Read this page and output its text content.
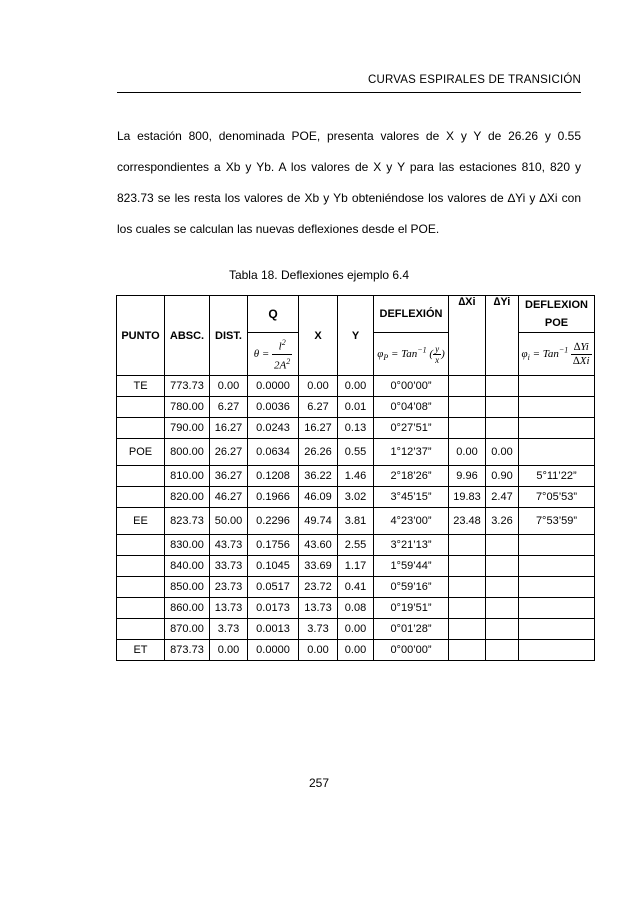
CURVAS ESPIRALES DE TRANSICIÓN
La estación 800, denominada POE, presenta valores de X y Y de 26.26 y 0.55
correspondientes a Xb y Yb. A los valores de X y Y para las estaciones 810, 820 y
823.73 se les resta los valores de Xb y Yb obteniéndose los valores de ∆Yi y ∆Xi con
los cuales se calculan las nuevas deflexiones desde el POE.
Tabla 18. Deflexiones ejemplo 6.4
PUNTO	ABSC.	DIST.	Q	X	Y	DEFLEXIÓN	∆Xi	∆Yi	DEFLEXION POE
			$\theta = \frac{l^2}{2A^2}$			$\varphi_P = Tan^{-1}$ ( $\frac{y}{x}$ )			$\varphi_i = Tan^{-1} \frac{\Delta Yi}{\Delta Xi}$

TE	773.73	0.00	0.0000	0.00	0.00	0°00’00”			
	780.00	6.27	0.0036	6.27	0.01	0°04’08”			
	790.00	16.27	0.0243	16.27	0.13	0°27’51”			
POE	800.00	26.27	0.0634	26.26	0.55	1°12’37”	0.00	0.00	
	810.00	36.27	0.1208	36.22	1.46	2°18’26”	9.96	0.90	5°11’22”
	820.00	46.27	0.1966	46.09	3.02	3°45’15”	19.83	2.47	7°05’53”
EE	823.73	50.00	0.2296	49.74	3.81	4°23’00”	23.48	3.26	7°53’59”
	830.00	43.73	0.1756	43.60	2.55	3°21’13”			
	840.00	33.73	0.1045	33.69	1.17	1°59’44”			
	850.00	23.73	0.0517	23.72	0.41	0°59’16”			
	860.00	13.73	0.0173	13.73	0.08	0°19’51”			
	870.00	3.73	0.0013	3.73	0.00	0°01’28”			
ET	873.73	0.00	0.0000	0.00	0.00	0°00’00”			
257
